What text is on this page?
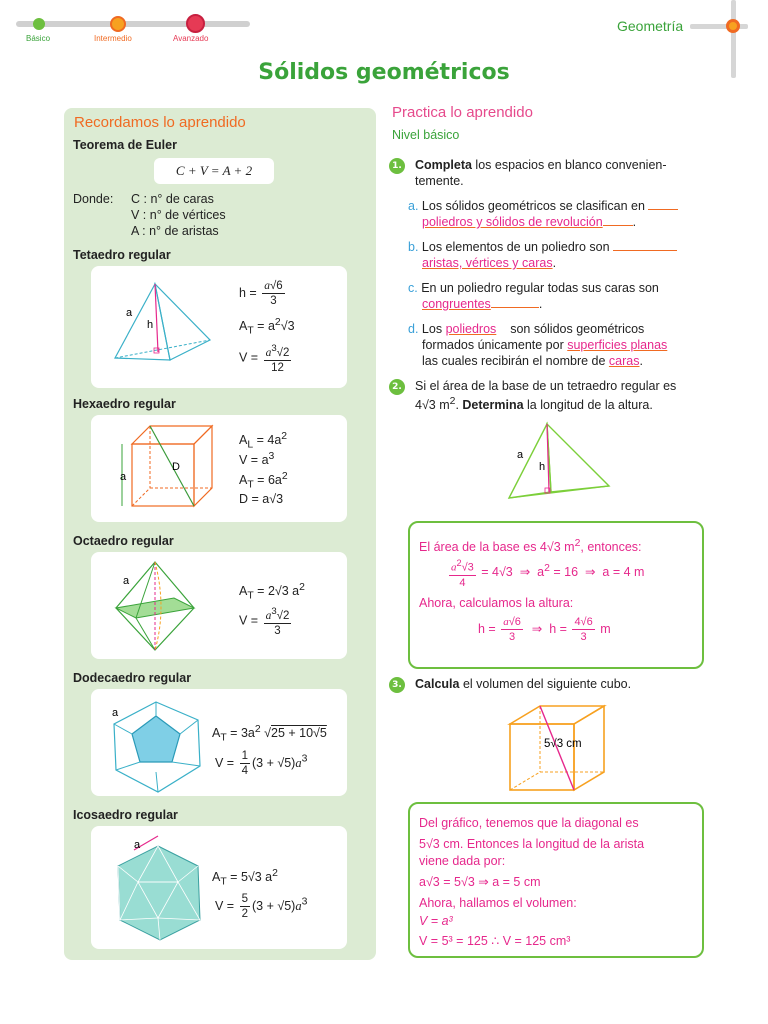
Básico	Intermedio	Avanzado
Geometría
Sólidos geométricos
Recordamos lo aprendido
Teorema de Euler
C + V = A + 2
Donde: C : n° de caras
V : n° de vértices
A : n° de aristas
Tetaedro regular
a
h
$h = \frac{a√6}{3}$
$A_T = a^2√3$
$V = \frac{a^3√2}{12}$
Hexaedro regular
a
D
$A_L = 4a^2$
$V = a^3$
$A_T = 6a^2$
D = a√3
Octaedro regular
a
$A_T = 2√3$ $a^2$
$V = \frac{a^3√2}{3}$
Dodecaedro regular
a
$A_T = 3a^2$ √25 + 10√5
$V = \frac{1}{4} (3 + √5)a^3$
Icosaedro regular
a
$A_T = 5√3$ $a^2$
$V = \frac{5}{2} (3 + √5)a^3$
Practica lo aprendido
Nivel básico
1. Completa los espacios en blanco convenien-
temente.
a. Los sólidos geométricos se clasifican en
poliedros y sólidos de revolución .
b. Los elementos de un poliedro son
aristas, vértices y caras.
c. En un poliedro regular todas sus caras son
congruentes	.
d. Los poliedros son sólidos geométricos
formados únicamente por superficies planas
las cuales recibirán el nombre de caras.
2. Si el área de la base de un tetraedro regular es
4√3 $m^2$. Determina la longitud de la altura.
a
h
El área de la base es 4√3 $m^2$, entonces:
$\frac{a^2√3}{4} = 4√3$  ⇒  $a^2 = 16$  ⇒  a = 4 m
Ahora, calculamos la altura:
$h = \frac{a√6}{3}$ ⇒  $h = \frac{4√6}{3}$ m
3. Calcula el volumen del siguiente cubo.
5√3 cm
Del gráfico, tenemos que la diagonal es
5√3 cm. Entonces la longitud de la arista
viene dada por:
a√3 = 5√3 ⇒ a = 5 cm
Ahora, hallamos el volumen:
V = a³
V = 5³ = 125 ∴ V = 125 cm³
